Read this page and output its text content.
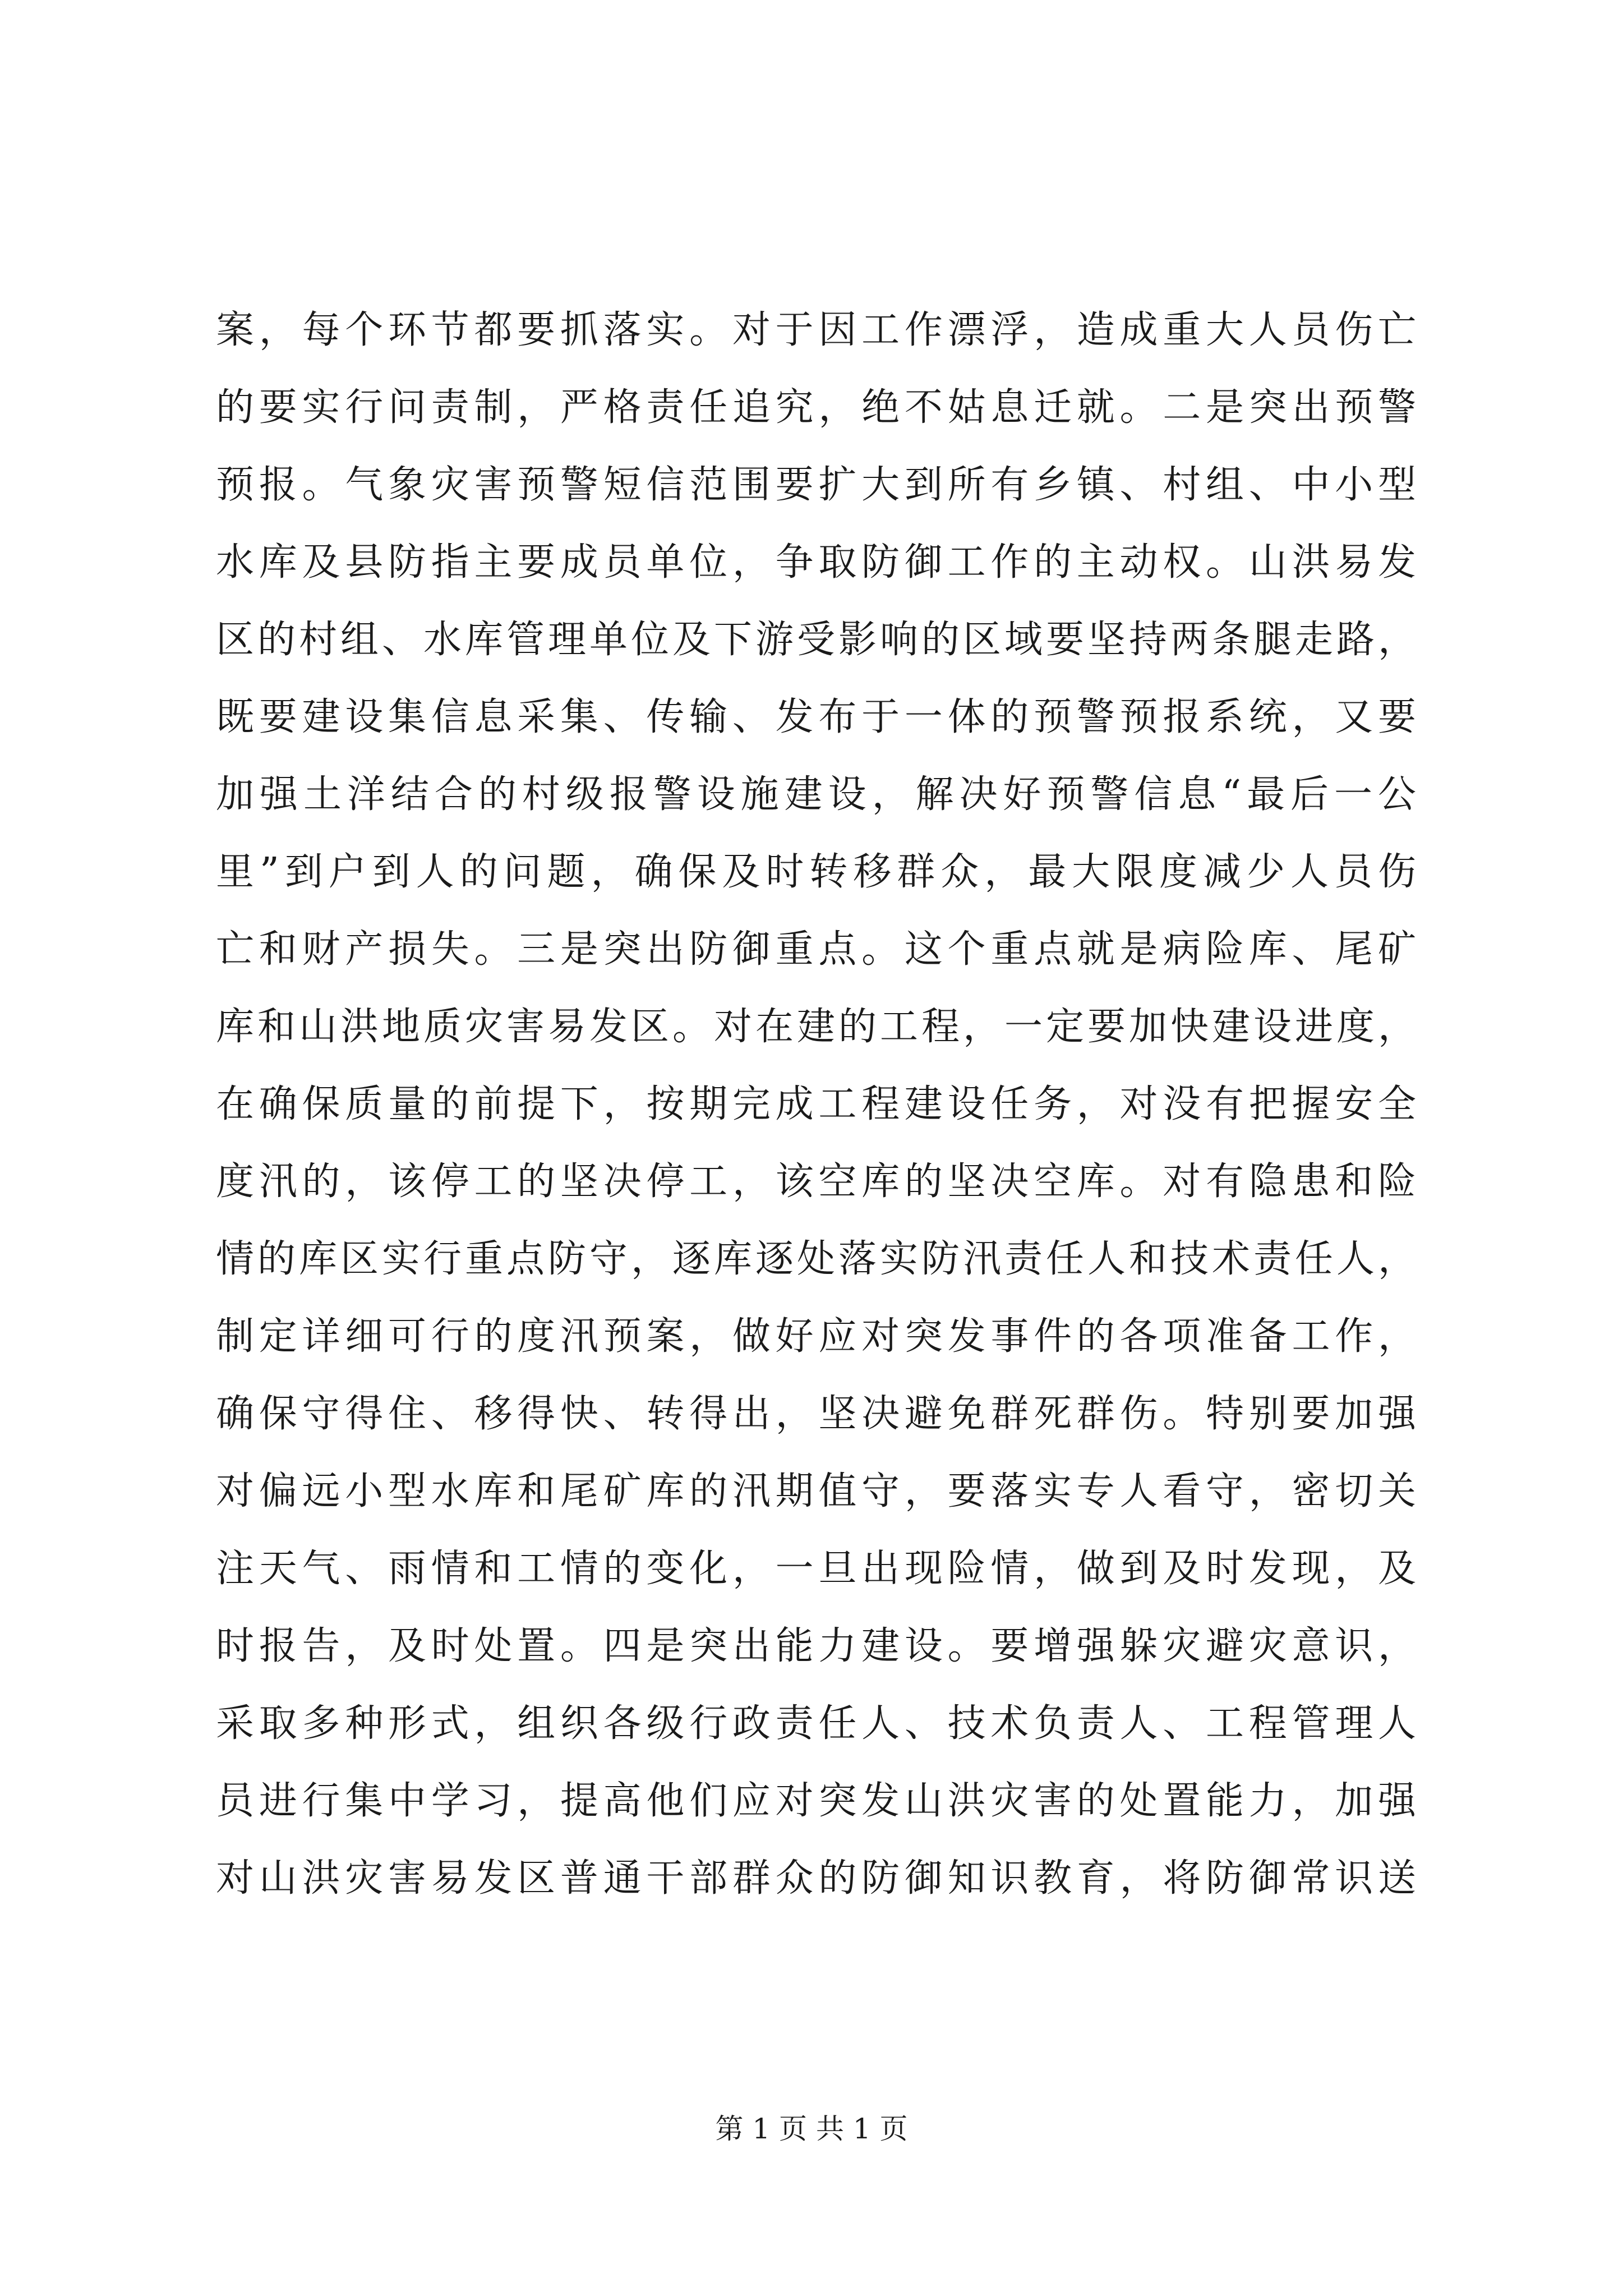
案，每个环节都要抓落实。对于因工作漂浮，造成重大人员伤亡
的要实行问责制，严格责任追究，绝不姑息迁就。二是突出预警
预报。气象灾害预警短信范围要扩大到所有乡镇、村组、中小型
水库及县防指主要成员单位，争取防御工作的主动权。山洪易发
区的村组、水库管理单位及下游受影响的区域要坚持两条腿走路，
既要建设集信息采集、传输、发布于一体的预警预报系统，又要
加强土洋结合的村级报警设施建设，解决好预警信息“最后一公
里”到户到人的问题，确保及时转移群众，最大限度减少人员伤
亡和财产损失。三是突出防御重点。这个重点就是病险库、尾矿
库和山洪地质灾害易发区。对在建的工程，一定要加快建设进度，
在确保质量的前提下，按期完成工程建设任务，对没有把握安全
度汛的，该停工的坚决停工，该空库的坚决空库。对有隐患和险
情的库区实行重点防守，逐库逐处落实防汛责任人和技术责任人，
制定详细可行的度汛预案，做好应对突发事件的各项准备工作，
确保守得住、移得快、转得出，坚决避免群死群伤。特别要加强
对偏远小型水库和尾矿库的汛期值守，要落实专人看守，密切关
注天气、雨情和工情的变化，一旦出现险情，做到及时发现，及
时报告，及时处置。四是突出能力建设。要增强躲灾避灾意识，
采取多种形式，组织各级行政责任人、技术负责人、工程管理人
员进行集中学习，提高他们应对突发山洪灾害的处置能力，加强
对山洪灾害易发区普通干部群众的防御知识教育，将防御常识送
第 1 页 共 1 页
